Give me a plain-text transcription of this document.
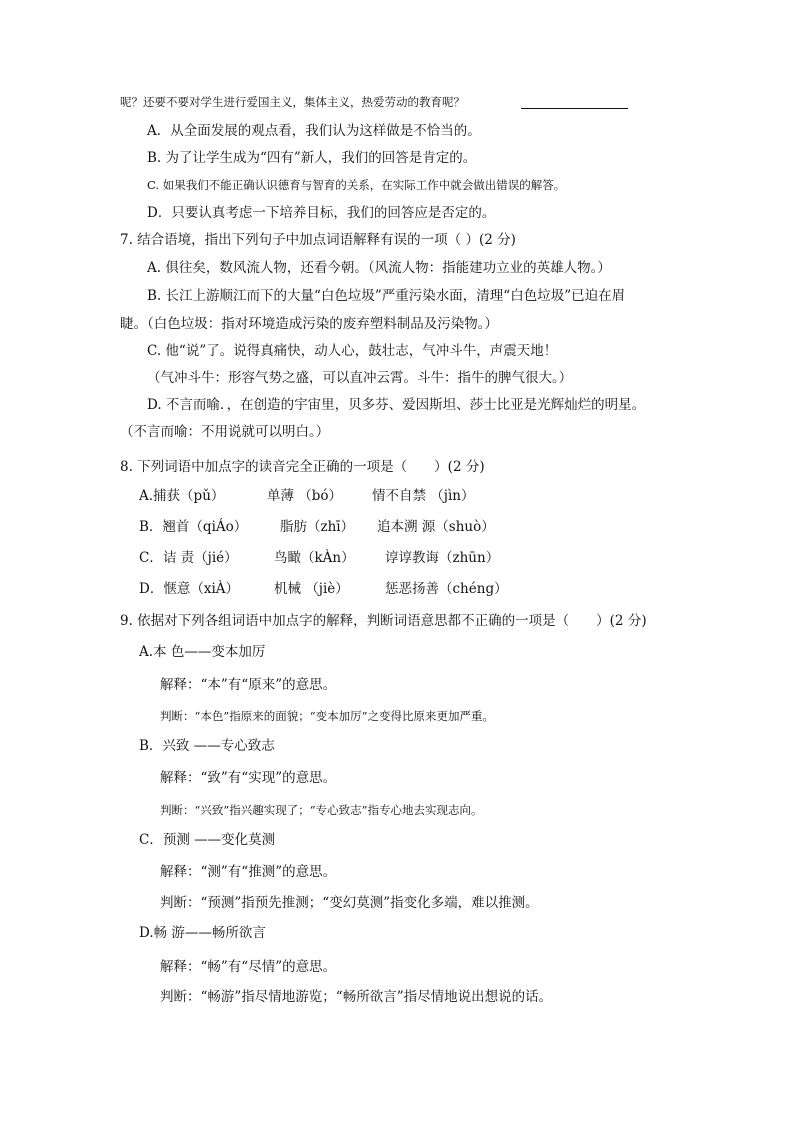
呢？还要不要对学生进行爱国主义，集体主义，热爱劳动的教育呢？
A．从全面发展的观点看，我们认为这样做是不恰当的。
B. 为了让学生成为“四有”新人，我们的回答是肯定的。
C. 如果我们不能正确认识德育与智育的关系，在实际工作中就会做出错误的解答。
D．只要认真考虑一下培养目标，我们的回答应是否定的。
7. 结合语境，指出下列句子中加点词语解释有误的一项（ ）(2 分)
A. 俱往矣，数风流人物，还看今朝。（风流人物：指能建功立业的英雄人物。）
B. 长江上游顺江而下的大量“白色垃圾”严重污染水面，清理“白色垃圾”已迫在眉
睫。（白色垃圾：指对环境造成污染的废弃塑料制品及污染物。）
C. 他“说”了。说得真痛快，动人心，鼓壮志，气冲斗牛，声震天地！
（气冲斗牛：形容气势之盛，可以直冲云霄。斗牛：指牛的脾气很大。）
D. 不言而喻．，在创造的宇宙里，贝多芬、爱因斯坦、莎士比亚是光辉灿烂的明星。
（不言而喻：不用说就可以明白。）
8. 下列词语中加点字的读音完全正确的一项是（　　）(2 分)
A.捕获（pǔ）	单薄 （bó） 情不自禁 （jìn）
B．翘首（qiÁo） 脂肪（zhī） 追本溯 源（shuò）
C．诘 责（jié）	鸟瞰（kÀn） 谆谆教诲（zhūn）
D．惬意（xiÀ）	机械 （jiè）	惩恶扬善（chéng）
9. 依据对下列各组词语中加点字的解释，判断词语意思都不正确的一项是（　　）(2 分)
A.本 色——变本加厉
解释：“本”有“原来”的意思。
判断：“本色”指原来的面貌；“变本加厉”之变得比原来更加严重。
B．兴致 ——专心致志
解释：“致”有“实现”的意思。
判断：“兴致”指兴趣实现了；“专心致志”指专心地去实现志向。
C．预测 ——变化莫测
解释：“测”有“推测”的意思。
判断：“预测”指预先推测；“变幻莫测”指变化多端，难以推测。
D.畅 游——畅所欲言
解释：“畅”有“尽情”的意思。
判断：“畅游”指尽情地游览；“畅所欲言”指尽情地说出想说的话。
